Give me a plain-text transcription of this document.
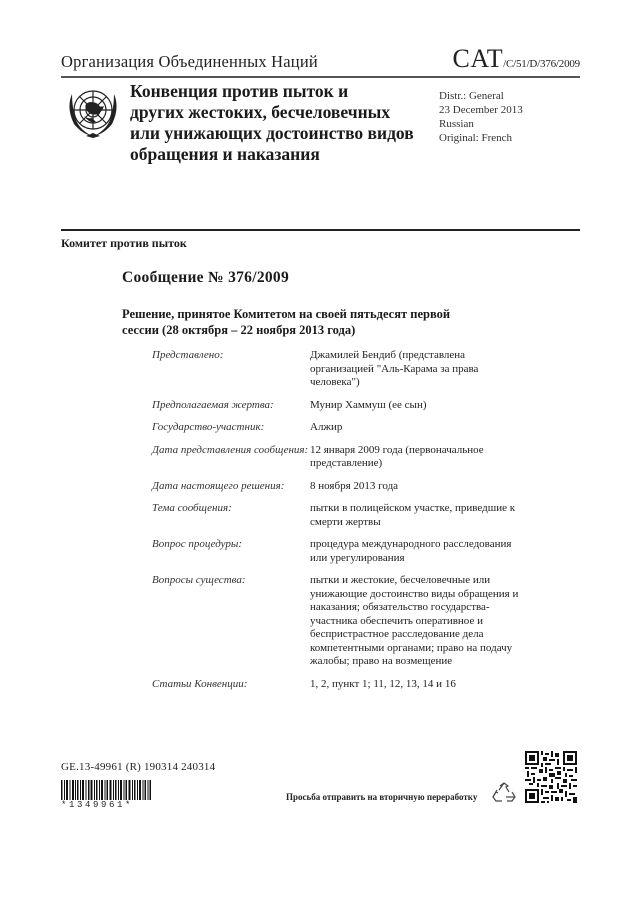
Организация Объединенных Наций	CAT/C/51/D/376/2009
Конвенция против пыток и
других жестоких, бесчеловечных
или унижающих достоинство видов
обращения и наказания
Distr.: General
23 December 2013
Russian
Original: French
Комитет против пыток
Сообщение № 376/2009
Решение, принятое Комитетом на своей пятьдесят первой
сессии (28 октября – 22 ноября 2013 года)
Представлено:	Джамилей Бендиб (представлена организацией "Аль-Карама за права человека")
Предполагаемая жертва:	Мунир Хаммуш (ее сын)
Государство-участник:	Алжир
Дата представления сообщения: 12 января 2009 года (первоначальное представление)
Дата настоящего решения:	8 ноября 2013 года
Тема сообщения:	пытки в полицейском участке, приведшие к смерти жертвы
Вопрос процедуры:	процедура международного расследования или урегулирования
Вопросы существа:	пытки и жестокие, бесчеловечные или унижающие достоинство виды обращения и наказания; обязательство государства-участника обеспечить оперативное и беспристрастное расследование дела компетентными органами; право на подачу жалобы; право на возмещение
Статьи Конвенции:	1, 2, пункт 1; 11, 12, 13, 14 и 16
GE.13-49961 (R) 190314 240314
*1349961*
Просьба отправить на вторичную переработку
